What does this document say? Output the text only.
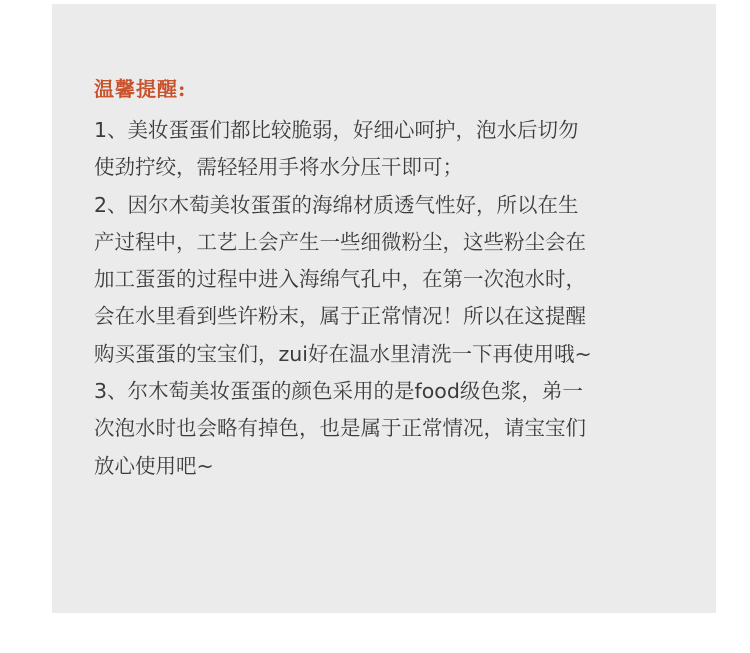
温馨提醒:
1、美妆蛋蛋们都比较脆弱，好细心呵护，泡水后切勿
使劲拧绞，需轻轻用手将水分压干即可；
2、因尔木萄美妆蛋蛋的海绵材质透气性好，所以在生
产过程中，工艺上会产生一些细微粉尘，这些粉尘会在
加工蛋蛋的过程中进入海绵气孔中，在第一次泡水时，
会在水里看到些许粉末，属于正常情况！所以在这提醒
购买蛋蛋的宝宝们，zui好在温水里清洗一下再使用哦~
3、尔木萄美妆蛋蛋的颜色采用的是food级色浆，弟一
次泡水时也会略有掉色，也是属于正常情况，请宝宝们
放心使用吧~
